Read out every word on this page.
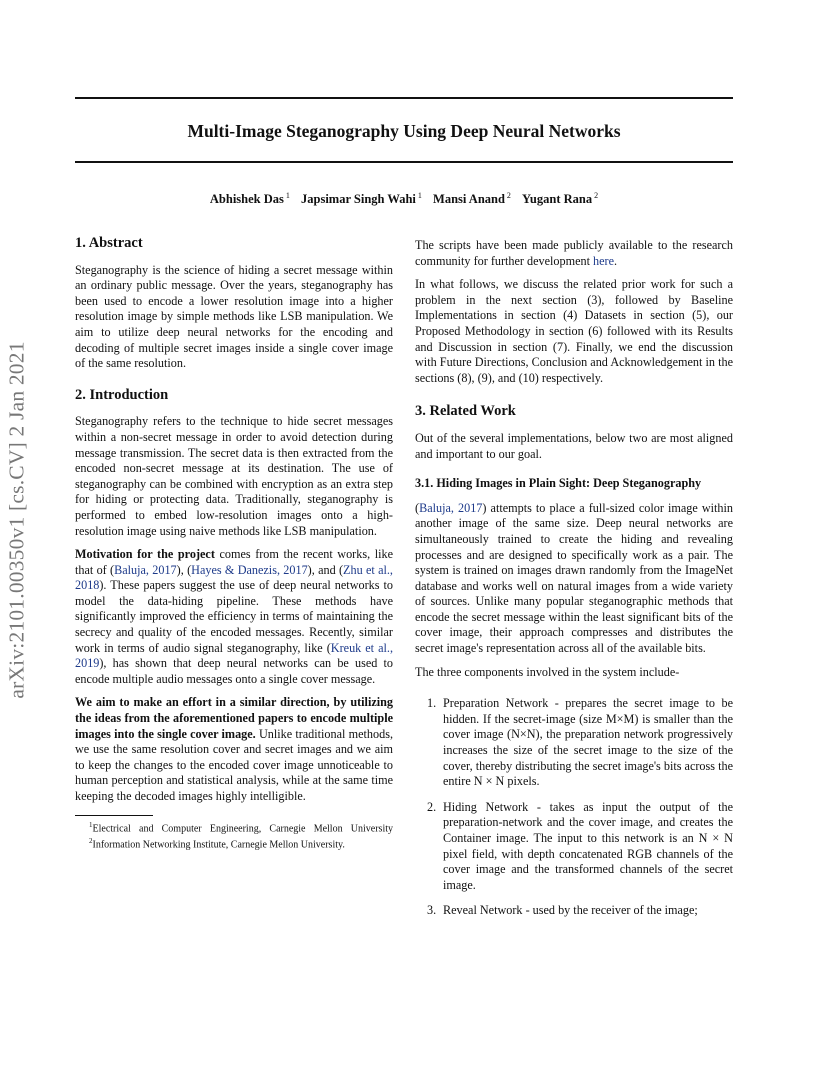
Multi-Image Steganography Using Deep Neural Networks
Abhishek Das $^1$ Japsimar Singh Wahi $^1$ Mansi Anand $^2$ Yugant Rana $^2$
arXiv:2101.00350v1 [cs.CV] 2 Jan 2021
1. Abstract

Steganography is the science of hiding a secret message within an ordinary public message. Over the years, steganography has been used to encode a lower resolution image into a higher resolution image by simple methods like LSB manipulation. We aim to utilize deep neural networks for the encoding and decoding of multiple secret images inside a single cover image of the same resolution.

2. Introduction

Steganography refers to the technique to hide secret messages within a non-secret message in order to avoid detection during message transmission. The secret data is then extracted from the encoded non-secret message at its destination. The use of steganography can be combined with encryption as an extra step for hiding or protecting data. Traditionally, steganography is performed to embed low-resolution images onto a high-resolution image using naive methods like LSB manipulation.

Motivation for the project comes from the recent works, like that of (Baluja, 2017), (Hayes & Danezis, 2017), and (Zhu et al., 2018). These papers suggest the use of deep neural networks to model the data-hiding pipeline. These methods have significantly improved the efficiency in terms of maintaining the secrecy and quality of the encoded messages. Recently, similar work in terms of audio signal steganography, like (Kreuk et al., 2019), has shown that deep neural networks can be used to encode multiple audio messages onto a single cover message.

We aim to make an effort in a similar direction, by utilizing the ideas from the aforementioned papers to encode multiple images into the single cover image. Unlike traditional methods, we use the same resolution cover and secret images and we aim to keep the changes to the encoded cover image unnoticeable to human perception and statistical analysis, while at the same time keeping the decoded images highly intelligible.

$^1$Electrical and Computer Engineering, Carnegie Mellon University $^2$Information Networking Institute, Carnegie Mellon University.

The scripts have been made publicly available to the research community for further development here.

In what follows, we discuss the related prior work for such a problem in the next section (3), followed by Baseline Implementations in section (4) Datasets in section (5), our Proposed Methodology in section (6) followed with its Results and Discussion in section (7). Finally, we end the discussion with Future Directions, Conclusion and Acknowledgement in the sections (8), (9), and (10) respectively.

3. Related Work

Out of the several implementations, below two are most aligned and important to our goal.

3.1. Hiding Images in Plain Sight: Deep Steganography

(Baluja, 2017) attempts to place a full-sized color image within another image of the same size. Deep neural networks are simultaneously trained to create the hiding and revealing processes and are designed to specifically work as a pair. The system is trained on images drawn randomly from the ImageNet database and works well on natural images from a wide variety of sources. Unlike many popular steganographic methods that encode the secret message within the least significant bits of the cover image, their approach compresses and distributes the secret image's representation across all of the available bits.

The three components involved in the system include-

1. Preparation Network - prepares the secret image to be hidden. If the secret-image (size M×M) is smaller than the cover image (N×N), the preparation network progressively increases the size of the secret image to the size of the cover, thereby distributing the secret image's bits across the entire N × N pixels.
2. Hiding Network - takes as input the output of the preparation-network and the cover image, and creates the Container image. The input to this network is an N × N pixel field, with depth concatenated RGB channels of the cover image and the transformed channels of the secret image.
3. Reveal Network - used by the receiver of the image;
